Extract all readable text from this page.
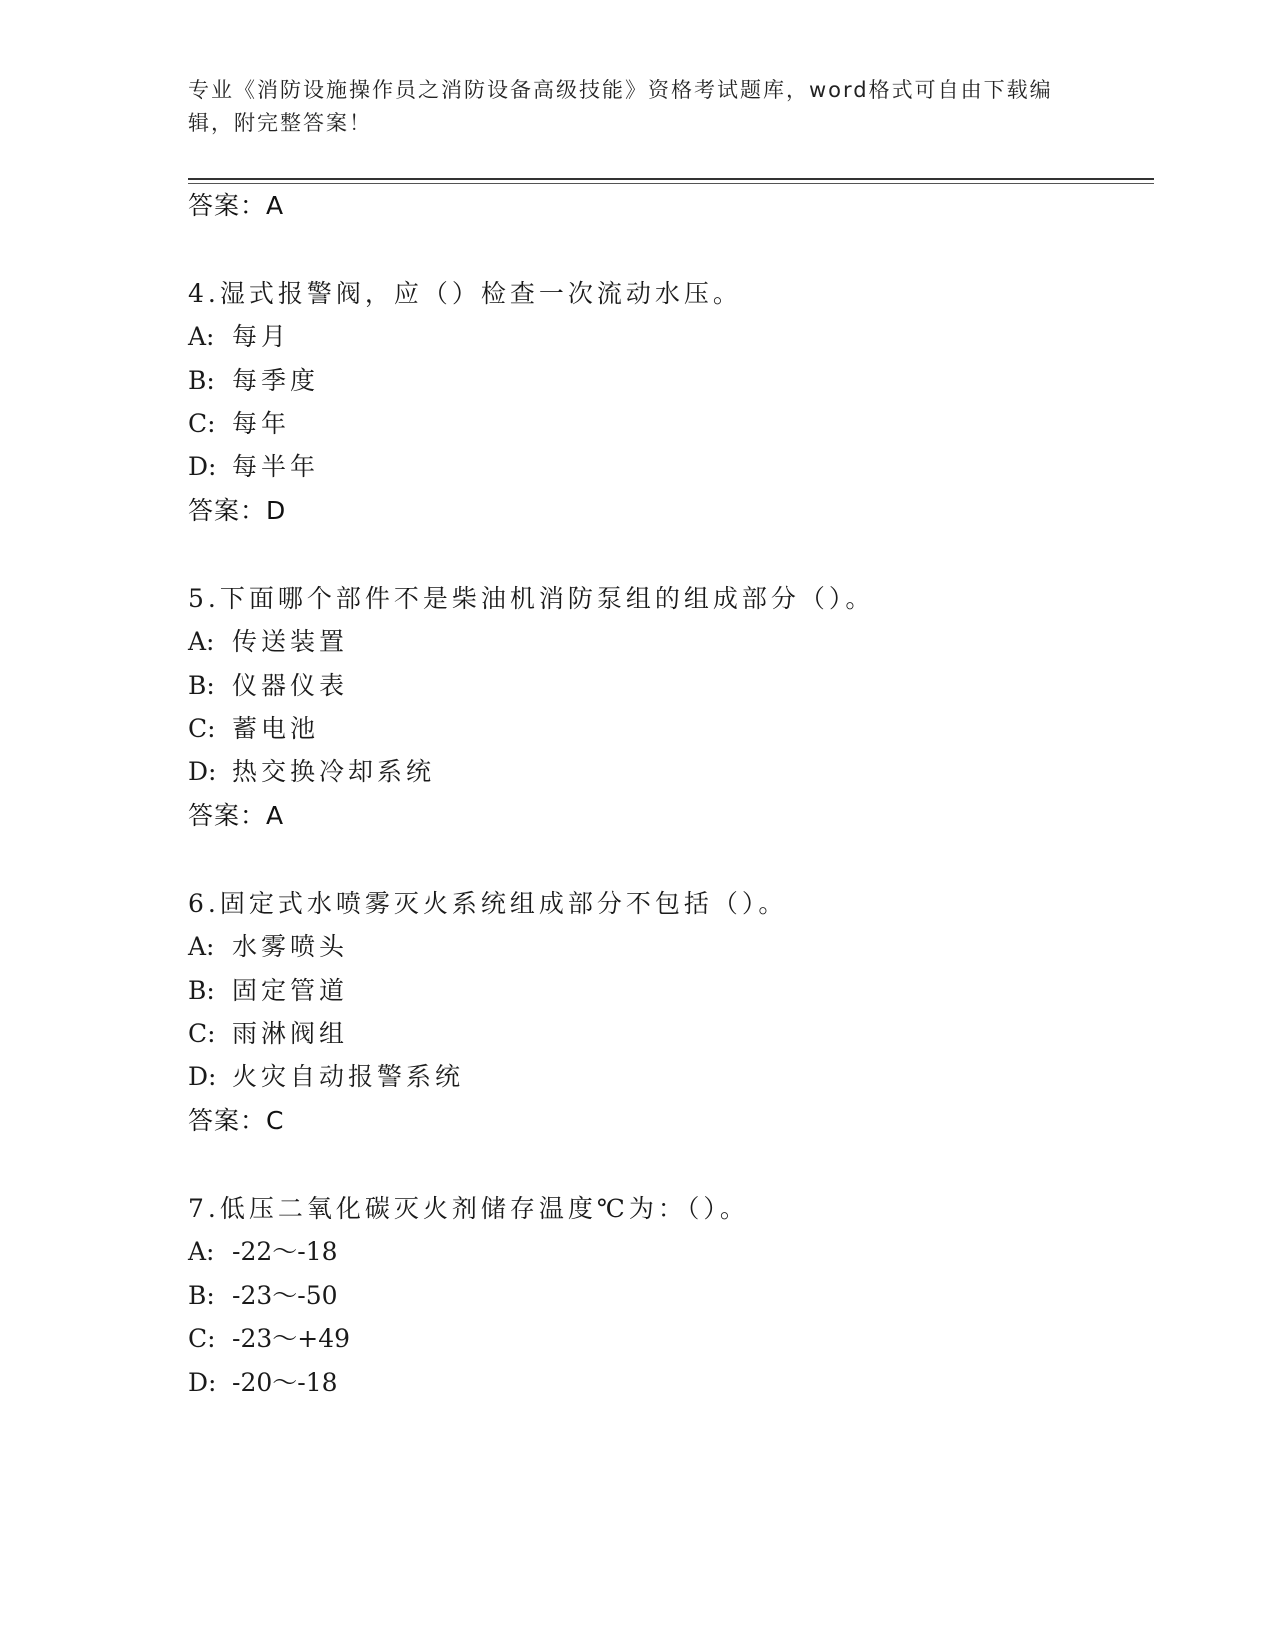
专业《消防设施操作员之消防设备高级技能》资格考试题库，word格式可自由下载编辑，附完整答案！
答案：A
4.湿式报警阀，应（）检查一次流动水压。
A: 每月
B: 每季度
C: 每年
D: 每半年
答案：D
5.下面哪个部件不是柴油机消防泵组的组成部分（）。
A: 传送装置
B: 仪器仪表
C: 蓄电池
D: 热交换冷却系统
答案：A
6.固定式水喷雾灭火系统组成部分不包括（）。
A: 水雾喷头
B: 固定管道
C: 雨淋阀组
D: 火灾自动报警系统
答案：C
7.低压二氧化碳灭火剂储存温度℃为：（）。
A: -22～-18
B: -23～-50
C: -23～+49
D: -20～-18
